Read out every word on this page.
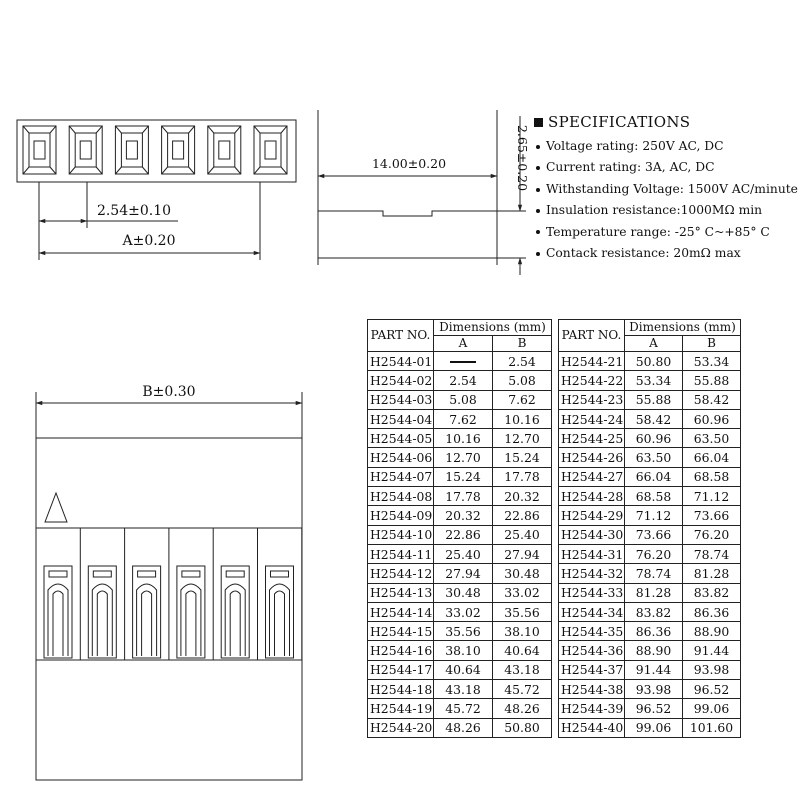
2.54±0.10
A±0.20
14.00±0.20	2.65±0.20
B±0.30
SPECIFICATIONS
Voltage rating: 250V AC, DC
Current rating: 3A, AC, DC
Withstanding Voltage: 1500V AC/minute
Insulation resistance:1000MΩ min
Temperature range: -25° C~+85° C
Contack resistance: 20mΩ max
PART NO.	Dimensions (mm)	
	A	B
H2544-01		2.54
H2544-02	2.54	5.08
H2544-03	5.08	7.62
H2544-04	7.62	10.16
H2544-05	10.16	12.70
H2544-06	12.70	15.24
H2544-07	15.24	17.78
H2544-08	17.78	20.32
H2544-09	20.32	22.86
H2544-10	22.86	25.40
H2544-11	25.40	27.94
H2544-12	27.94	30.48
H2544-13	30.48	33.02
H2544-14	33.02	35.56
H2544-15	35.56	38.10
H2544-16	38.10	40.64
H2544-17	40.64	43.18
H2544-18	43.18	45.72
H2544-19	45.72	48.26
H2544-20	48.26	50.80
PART NO.	Dimensions (mm)	
	A	B
H2544-21	50.80	53.34
H2544-22	53.34	55.88
H2544-23	55.88	58.42
H2544-24	58.42	60.96
H2544-25	60.96	63.50
H2544-26	63.50	66.04
H2544-27	66.04	68.58
H2544-28	68.58	71.12
H2544-29	71.12	73.66
H2544-30	73.66	76.20
H2544-31	76.20	78.74
H2544-32	78.74	81.28
H2544-33	81.28	83.82
H2544-34	83.82	86.36
H2544-35	86.36	88.90
H2544-36	88.90	91.44
H2544-37	91.44	93.98
H2544-38	93.98	96.52
H2544-39	96.52	99.06
H2544-40	99.06	101.60
